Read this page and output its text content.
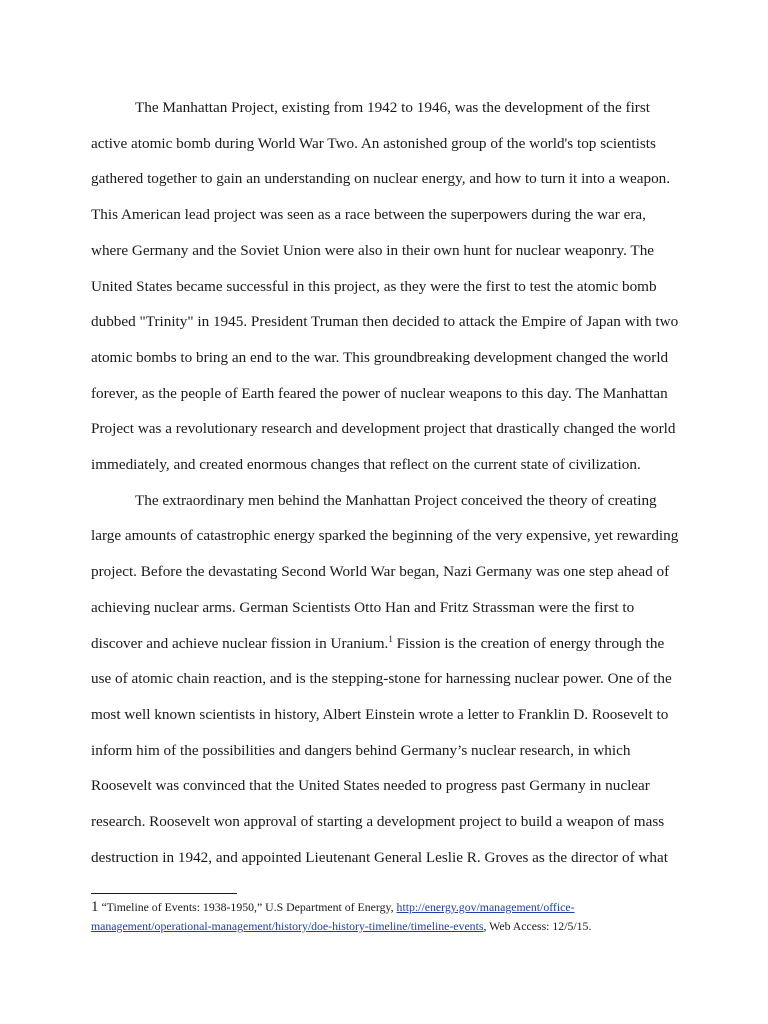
The Manhattan Project, existing from 1942 to 1946, was the development of the first
active atomic bomb during World War Two. An astonished group of the world's top scientists
gathered together to gain an understanding on nuclear energy, and how to turn it into a weapon.
This American lead project was seen as a race between the superpowers during the war era,
where Germany and the Soviet Union were also in their own hunt for nuclear weaponry. The
United States became successful in this project, as they were the first to test the atomic bomb
dubbed "Trinity" in 1945. President Truman then decided to attack the Empire of Japan with two
atomic bombs to bring an end to the war. This groundbreaking development changed the world
forever, as the people of Earth feared the power of nuclear weapons to this day. The Manhattan
Project was a revolutionary research and development project that drastically changed the world
immediately, and created enormous changes that reflect on the current state of civilization.

The extraordinary men behind the Manhattan Project conceived the theory of creating
large amounts of catastrophic energy sparked the beginning of the very expensive, yet rewarding
project. Before the devastating Second World War began, Nazi Germany was one step ahead of
achieving nuclear arms. German Scientists Otto Han and Fritz Strassman were the first to
discover and achieve nuclear fission in Uranium.$^1$ Fission is the creation of energy through the
use of atomic chain reaction, and is the stepping-stone for harnessing nuclear power. One of the
most well known scientists in history, Albert Einstein wrote a letter to Franklin D. Roosevelt to
inform him of the possibilities and dangers behind Germany’s nuclear research, in which
Roosevelt was convinced that the United States needed to progress past Germany in nuclear
research. Roosevelt won approval of starting a development project to build a weapon of mass
destruction in 1942, and appointed Lieutenant General Leslie R. Groves as the director of what

1 “Timeline of Events: 1938-1950,” U.S Department of Energy, http://energy.gov/management/office-
management/operational-management/history/doe-history-timeline/timeline-events, Web Access: 12/5/15.
